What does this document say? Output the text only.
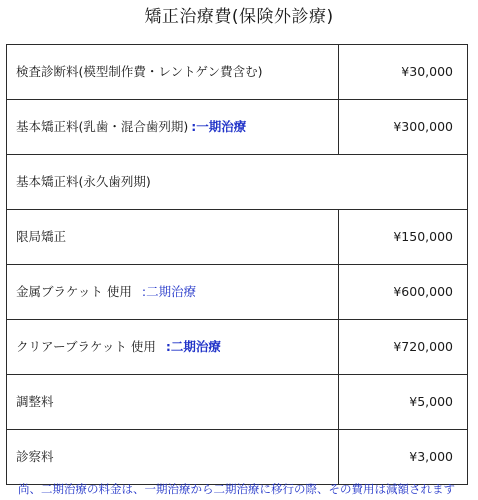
矯正治療費(保険外診療)
検査診断料(模型制作費・レントゲン費含む)	¥30,000
基本矯正料(乳歯・混合歯列期) :一期治療	¥300,000
基本矯正料(永久歯列期)	
限局矯正	¥150,000
金属ブラケット 使用 :二期治療	¥600,000
クリアーブラケット 使用 :二期治療	¥720,000
調整料	¥5,000
診察料	¥3,000
尚、二期治療の料金は、一期治療から二期治療に移行の際、その費用は減額されます
